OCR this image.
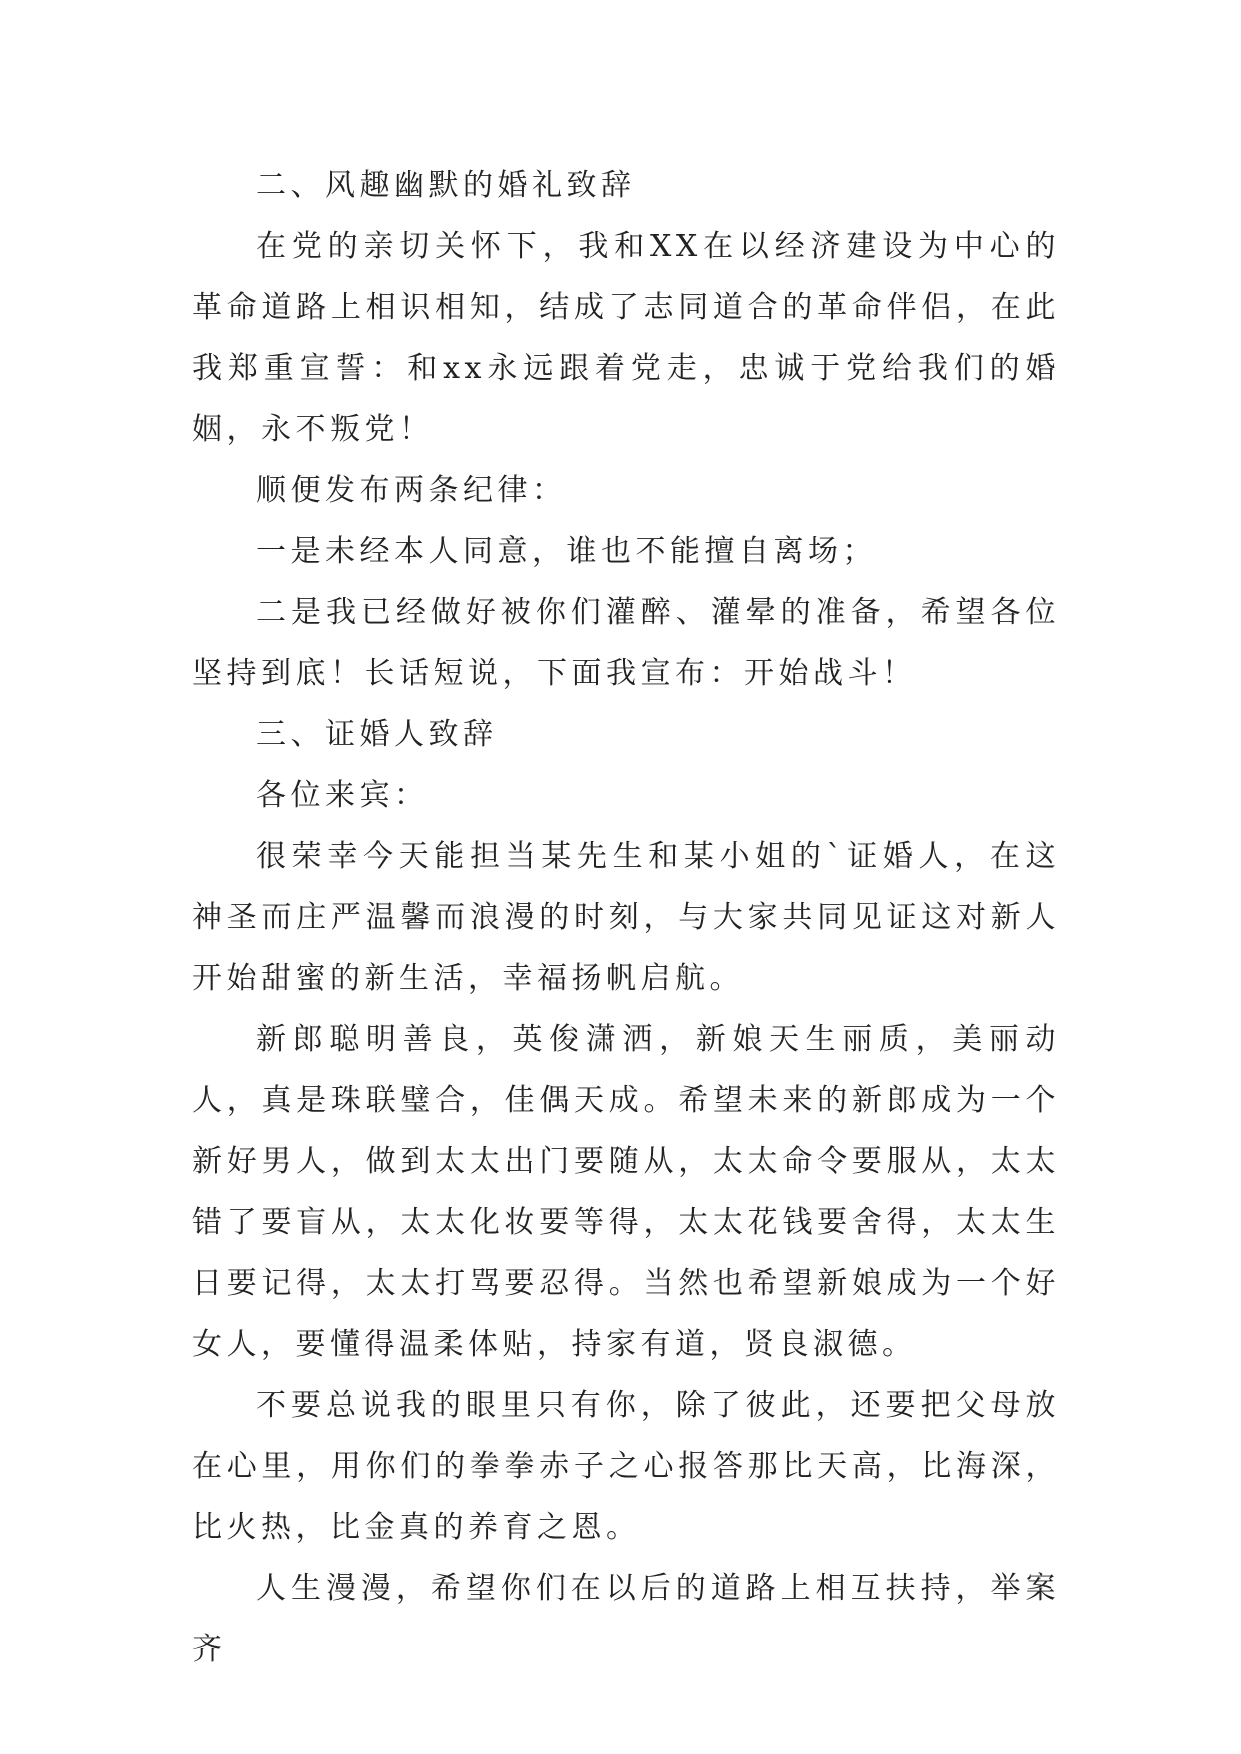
二、风趣幽默的婚礼致辞

在党的亲切关怀下，我和XX在以经济建设为中心的革命道路上相识相知，结成了志同道合的革命伴侣，在此我郑重宣誓：和xx永远跟着党走，忠诚于党给我们的婚姻，永不叛党！

顺便发布两条纪律：

一是未经本人同意，谁也不能擅自离场；

二是我已经做好被你们灌醉、灌晕的准备，希望各位坚持到底！长话短说，下面我宣布：开始战斗！

三、证婚人致辞

各位来宾：

很荣幸今天能担当某先生和某小姐的`证婚人，在这神圣而庄严温馨而浪漫的时刻，与大家共同见证这对新人开始甜蜜的新生活，幸福扬帆启航。

新郎聪明善良，英俊潇洒，新娘天生丽质，美丽动人，真是珠联璧合，佳偶天成。希望未来的新郎成为一个新好男人，做到太太出门要随从，太太命令要服从，太太错了要盲从，太太化妆要等得，太太花钱要舍得，太太生日要记得，太太打骂要忍得。当然也希望新娘成为一个好女人，要懂得温柔体贴，持家有道，贤良淑德。

不要总说我的眼里只有你，除了彼此，还要把父母放在心里，用你们的拳拳赤子之心报答那比天高，比海深，比火热，比金真的养育之恩。

人生漫漫，希望你们在以后的道路上相互扶持，举案齐
